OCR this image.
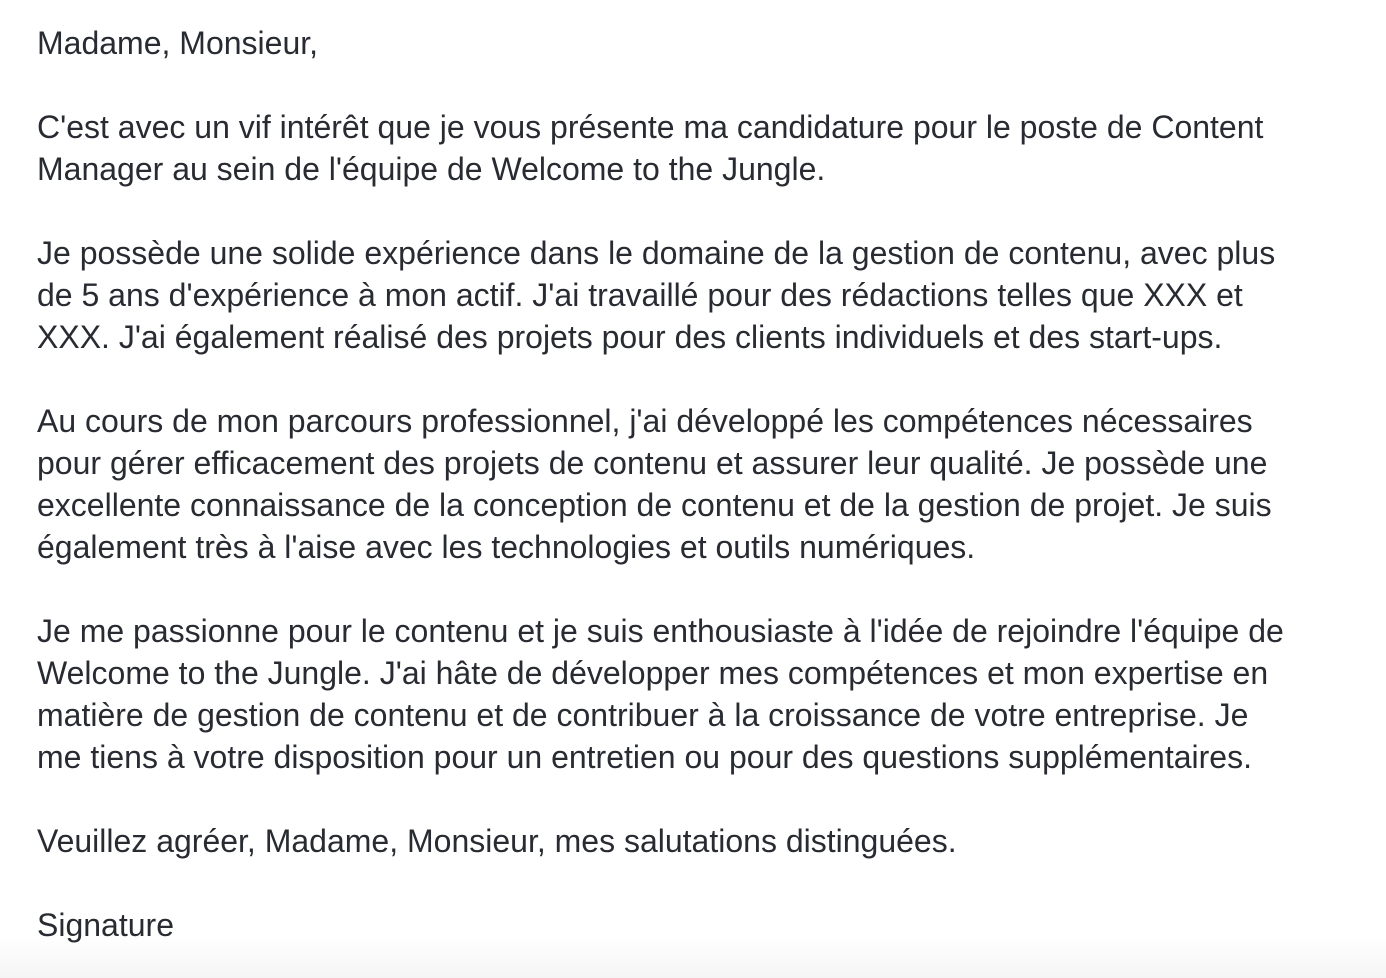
Madame, Monsieur,

C'est avec un vif intérêt que je vous présente ma candidature pour le poste de Content Manager au sein de l'équipe de Welcome to the Jungle.

Je possède une solide expérience dans le domaine de la gestion de contenu, avec plus de 5 ans d'expérience à mon actif. J'ai travaillé pour des rédactions telles que XXX et XXX. J'ai également réalisé des projets pour des clients individuels et des start-ups.

Au cours de mon parcours professionnel, j'ai développé les compétences nécessaires pour gérer efficacement des projets de contenu et assurer leur qualité. Je possède une excellente connaissance de la conception de contenu et de la gestion de projet. Je suis également très à l'aise avec les technologies et outils numériques.

Je me passionne pour le contenu et je suis enthousiaste à l'idée de rejoindre l'équipe de Welcome to the Jungle. J'ai hâte de développer mes compétences et mon expertise en matière de gestion de contenu et de contribuer à la croissance de votre entreprise. Je me tiens à votre disposition pour un entretien ou pour des questions supplémentaires.

Veuillez agréer, Madame, Monsieur, mes salutations distinguées.

Signature
